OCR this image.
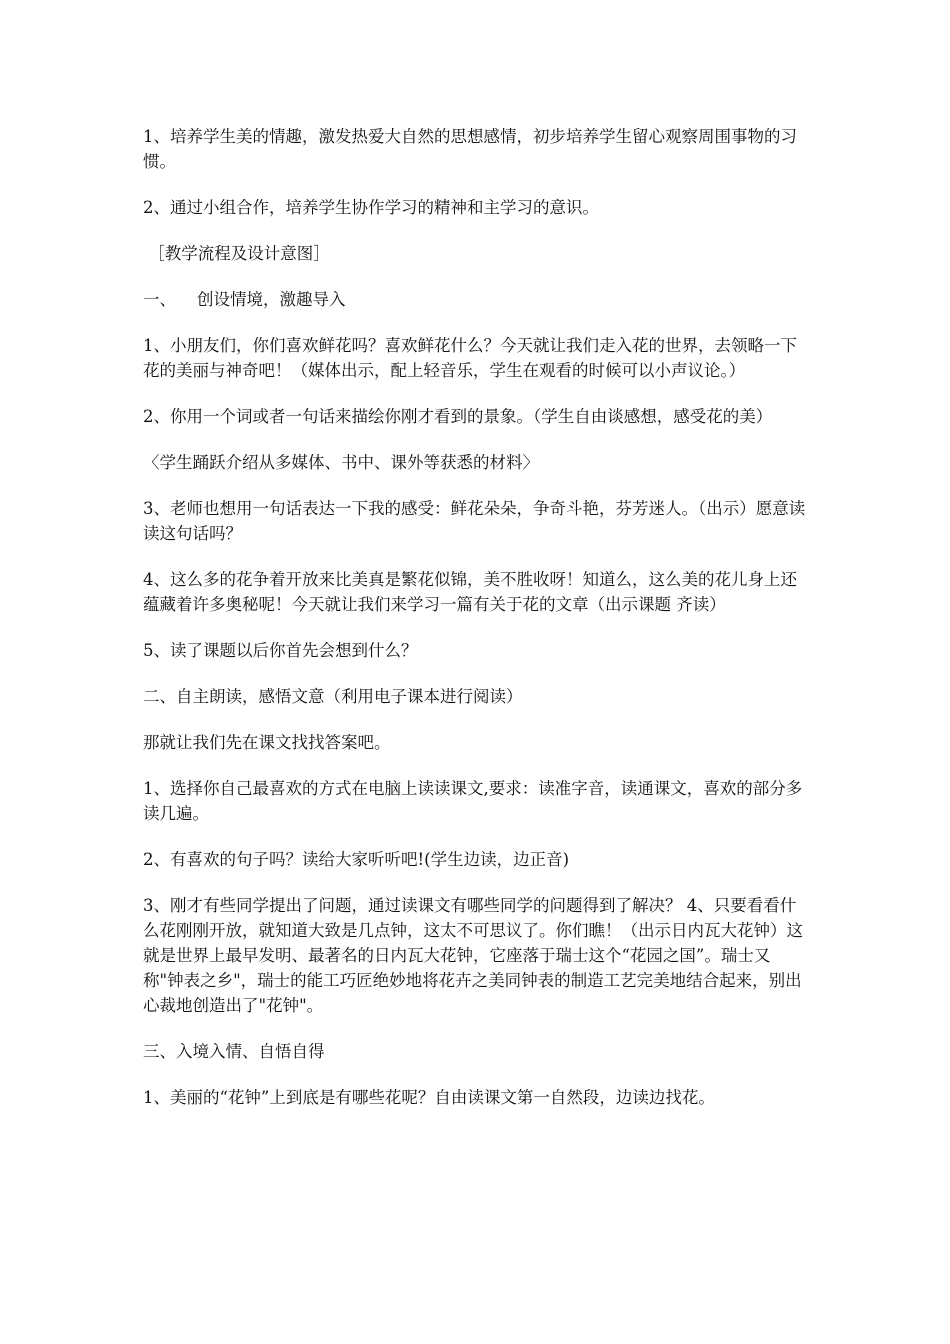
1、培养学生美的情趣，激发热爱大自然的思想感情，初步培养学生留心观察周围事物的习惯。

2、通过小组合作，培养学生协作学习的精神和主学习的意识。

［教学流程及设计意图］

一、    创设情境，激趣导入

1、小朋友们，你们喜欢鲜花吗？喜欢鲜花什么？今天就让我们走入花的世界，去领略一下花的美丽与神奇吧！（媒体出示，配上轻音乐，学生在观看的时候可以小声议论。）

2、你用一个词或者一句话来描绘你刚才看到的景象。（学生自由谈感想，感受花的美）

〈学生踊跃介绍从多媒体、书中、课外等获悉的材料〉

3、老师也想用一句话表达一下我的感受：鲜花朵朵，争奇斗艳，芬芳迷人。（出示）愿意读读这句话吗？

4、这么多的花争着开放来比美真是繁花似锦，美不胜收呀！知道么，这么美的花儿身上还蕴藏着许多奥秘呢！今天就让我们来学习一篇有关于花的文章（出示课题 齐读）

5、读了课题以后你首先会想到什么？

二、自主朗读，感悟文意（利用电子课本进行阅读）

那就让我们先在课文找找答案吧。

1、选择你自己最喜欢的方式在电脑上读读课文,要求：读准字音，读通课文，喜欢的部分多读几遍。

2、有喜欢的句子吗？读给大家听听吧!(学生边读，边正音)

3、刚才有些同学提出了问题，通过读课文有哪些同学的问题得到了解决？ 4、只要看看什么花刚刚开放，就知道大致是几点钟，这太不可思议了。你们瞧！（出示日内瓦大花钟）这就是世界上最早发明、最著名的日内瓦大花钟，它座落于瑞士这个“花园之国”。瑞士又称"钟表之乡"，瑞士的能工巧匠绝妙地将花卉之美同钟表的制造工艺完美地结合起来，别出心裁地创造出了"花钟"。

三、入境入情、自悟自得

1、美丽的“花钟”上到底是有哪些花呢？自由读课文第一自然段，边读边找花。
